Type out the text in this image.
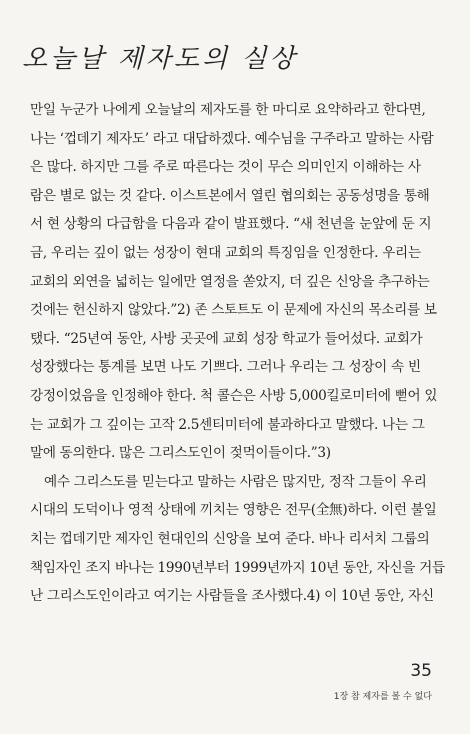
오늘날 제자도의 실상
만일 누군가 나에게 오늘날의 제자도를 한 마디로 요약하라고 한다면,
나는 ‘껍데기 제자도’ 라고 대답하겠다. 예수님을 구주라고 말하는 사람
은 많다. 하지만 그를 주로 따른다는 것이 무슨 의미인지 이해하는 사
람은 별로 없는 것 같다. 이스트본에서 열린 협의회는 공동성명을 통해
서 현 상황의 다급함을 다음과 같이 발표했다. “새 천년을 눈앞에 둔 지
금, 우리는 깊이 없는 성장이 현대 교회의 특징임을 인정한다. 우리는
교회의 외연을 넓히는 일에만 열정을 쏟았지, 더 깊은 신앙을 추구하는
것에는 헌신하지 않았다.”2) 존 스토트도 이 문제에 자신의 목소리를 보
탰다. “25년여 동안, 사방 곳곳에 교회 성장 학교가 들어섰다. 교회가
성장했다는 통계를 보면 나도 기쁘다. 그러나 우리는 그 성장이 속 빈
강정이었음을 인정해야 한다. 척 콜슨은 사방 5,000킬로미터에 뻗어 있
는 교회가 그 깊이는 고작 2.5센티미터에 불과하다고 말했다. 나는 그
말에 동의한다. 많은 그리스도인이 젖먹이들이다.”3)
예수 그리스도를 믿는다고 말하는 사람은 많지만, 정작 그들이 우리
시대의 도덕이나 영적 상태에 끼치는 영향은 전무(全無)하다. 이런 불일
치는 껍데기만 제자인 현대인의 신앙을 보여 준다. 바나 리서치 그룹의
책임자인 조지 바나는 1990년부터 1999년까지 10년 동안, 자신을 거듭
난 그리스도인이라고 여기는 사람들을 조사했다.4) 이 10년 동안, 자신
35
1장 참 제자를 볼 수 없다
